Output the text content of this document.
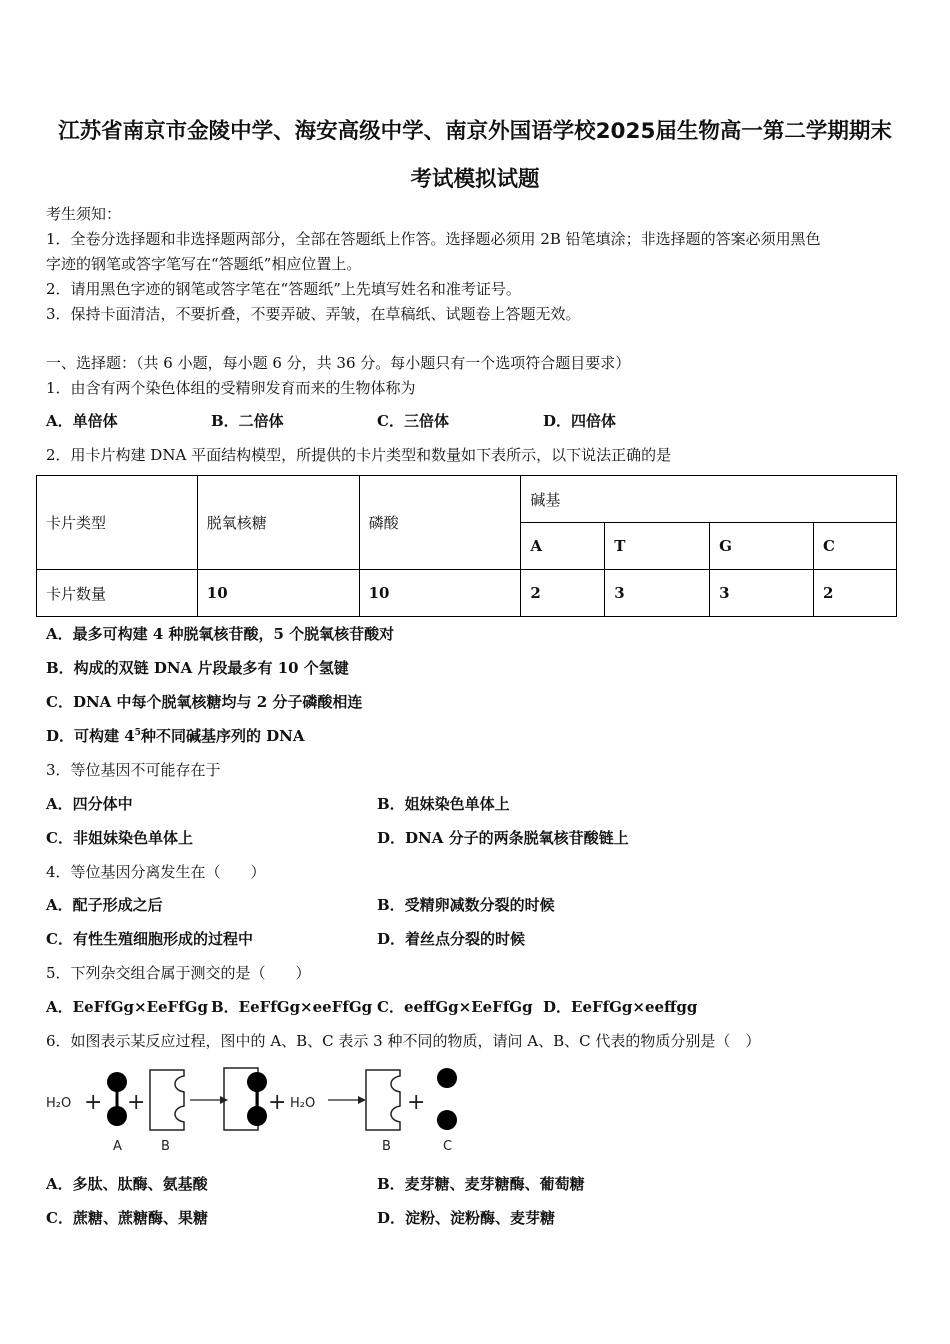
江苏省南京市金陵中学、海安高级中学、南京外国语学校2025届生物高一第二学期期末
考试模拟试题
考生须知：
1．全卷分选择题和非选择题两部分，全部在答题纸上作答。选择题必须用 2B 铅笔填涂；非选择题的答案必须用黑色
字迹的钢笔或答字笔写在“答题纸”相应位置上。
2．请用黑色字迹的钢笔或答字笔在“答题纸”上先填写姓名和准考证号。
3．保持卡面清洁，不要折叠，不要弄破、弄皱，在草稿纸、试题卷上答题无效。
一、选择题：（共 6 小题，每小题 6 分，共 36 分。每小题只有一个选项符合题目要求）
1．由含有两个染色体组的受精卵发育而来的生物体称为
A．单倍体	B．二倍体	C．三倍体	D．四倍体
2．用卡片构建 DNA 平面结构模型，所提供的卡片类型和数量如下表所示，以下说法正确的是
卡片类型	脱氧核糖	磷酸	碱基			
			A	T	G	C
卡片数量	10	10	2	3	3	2
A．最多可构建 4 种脱氧核苷酸，5 个脱氧核苷酸对
B．构成的双链 DNA 片段最多有 10 个氢键
C．DNA 中每个脱氧核糖均与 2 分子磷酸相连
D．可构建 $4^5$种不同碱基序列的 DNA
3．等位基因不可能存在于
A．四分体中	B．姐妹染色单体上
C．非姐妹染色单体上	D．DNA 分子的两条脱氧核苷酸链上
4．等位基因分离发生在（　　）
A．配子形成之后	B．受精卵减数分裂的时候
C．有性生殖细胞形成的过程中	D．着丝点分裂的时候
5．下列杂交组合属于测交的是（　　）
A．EeFfGg×EeFfGg B．EeFfGg×eeFfGg C．eeffGg×EeFfGg D．EeFfGg×eeffgg
6．如图表示某反应过程，图中的 A、B、C 表示 3 种不同的物质，请问 A、B、C 代表的物质分别是（　）
H₂O + +	+ H₂O	+
A	B	B	C
A．多肽、肽酶、氨基酸	B．麦芽糖、麦芽糖酶、葡萄糖
C．蔗糖、蔗糖酶、果糖	D．淀粉、淀粉酶、麦芽糖
